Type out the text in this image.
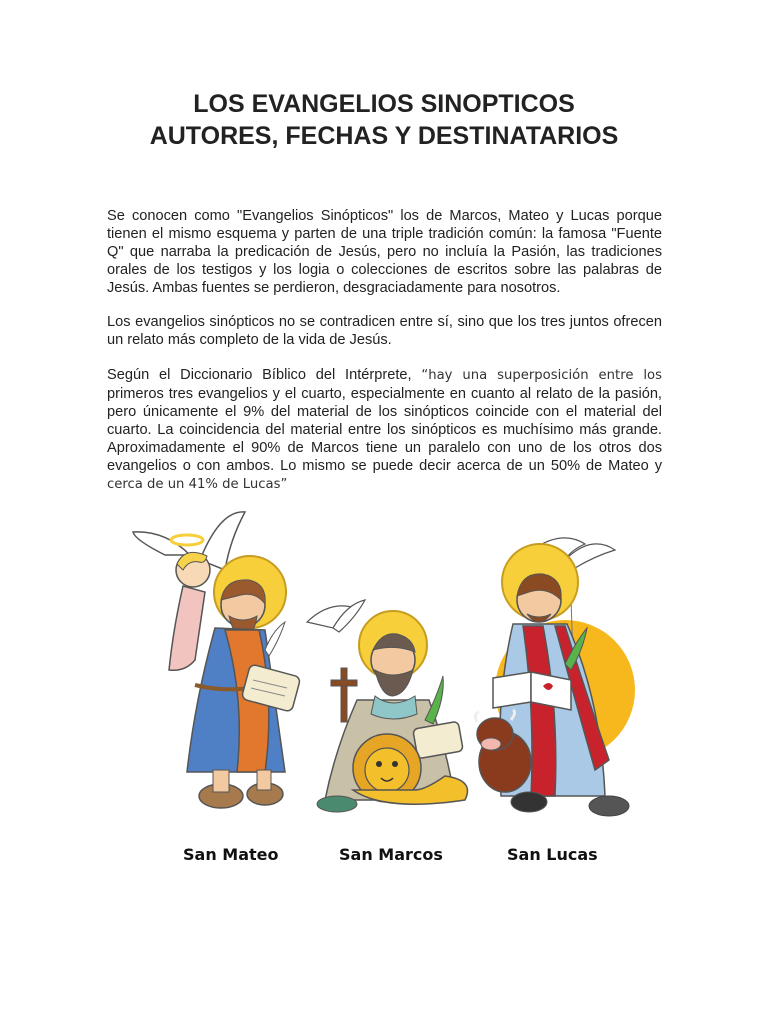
LOS EVANGELIOS SINOPTICOS
AUTORES, FECHAS Y DESTINATARIOS
Se conocen como "Evangelios Sinópticos" los de Marcos, Mateo y Lucas porque tienen el mismo esquema y parten de una triple tradición común: la famosa "Fuente Q" que narraba la predicación de Jesús, pero no incluía la Pasión, las tradiciones orales de los testigos y los logia o colecciones de escritos sobre las palabras de Jesús. Ambas fuentes se perdieron, desgraciadamente para nosotros.
Los evangelios sinópticos no se contradicen entre sí, sino que los tres juntos ofrecen un relato más completo de la vida de Jesús.
Según el Diccionario Bíblico del Intérprete, “hay una superposición entre los primeros tres evangelios y el cuarto, especialmente en cuanto al relato de la pasión, pero únicamente el 9% del material de los sinópticos coincide con el material del cuarto. La coincidencia del material entre los sinópticos es muchísimo más grande. Aproximadamente el 90% de Marcos tiene un paralelo con uno de los otros dos evangelios o con ambos. Lo mismo se puede decir acerca de un 50% de Mateo y cerca de un 41% de Lucas”
San Mateo	San Marcos	San Lucas
